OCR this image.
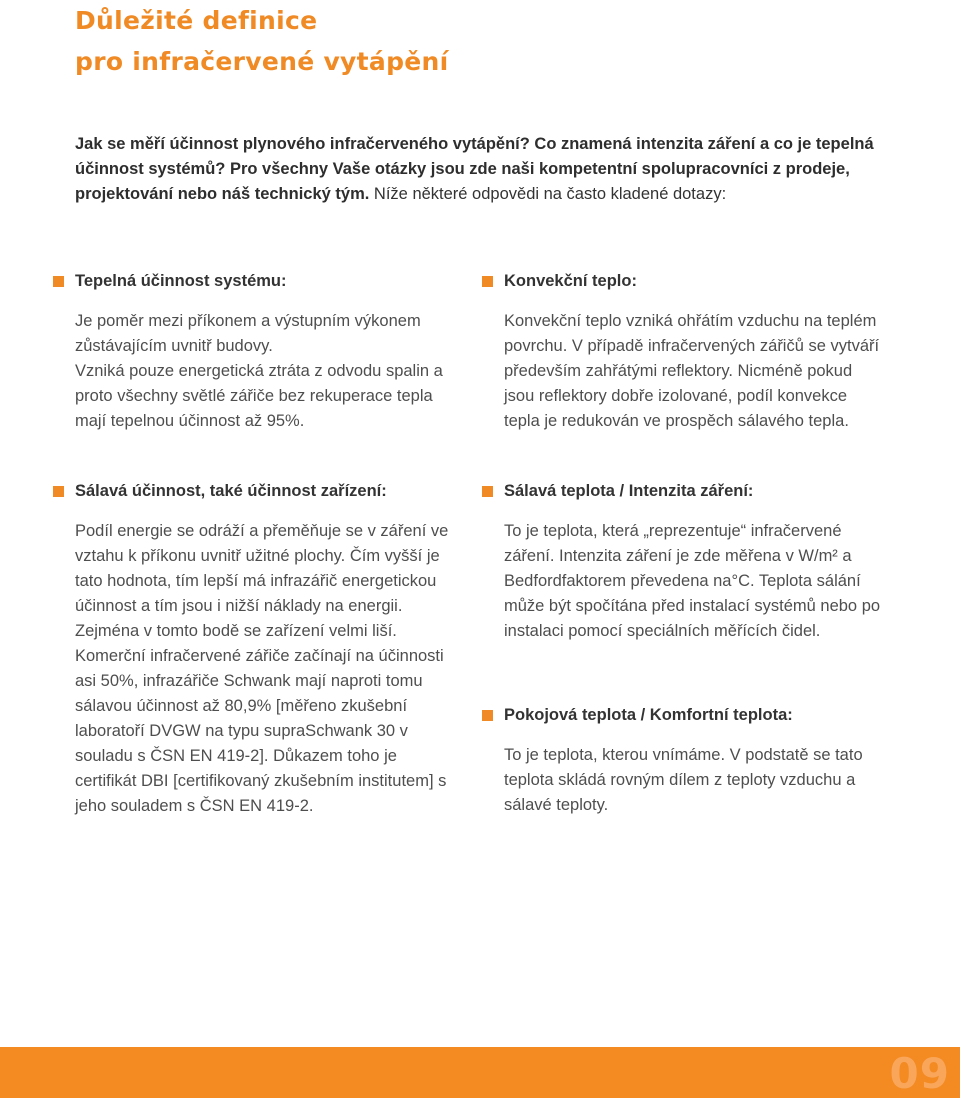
Důležité definice
pro infračervené vytápění
Jak se měří účinnost plynového infračerveného vytápění? Co znamená intenzita záření a co je tepelná účinnost systémů? Pro všechny Vaše otázky jsou zde naši kompetentní spolupracovníci z prodeje, projektování nebo náš technický tým. Níže některé odpovědi na často kladené dotazy:
Tepelná účinnost systému:

Je poměr mezi příkonem a výstupním výkonem zůstávajícím uvnitř budovy.

Vzniká pouze energetická ztráta z odvodu spalin a proto všechny světlé zářiče bez rekuperace tepla mají tepelnou účinnost až 95%.

Konvekční teplo:

Konvekční teplo vzniká ohřátím vzduchu na teplém povrchu. V případě infračervených zářičů se vytváří především zahřátými reflektory. Nicméně pokud jsou reflektory dobře izolované, podíl konvekce tepla je redukován ve prospěch sálavého tepla.

Sálavá účinnost, také účinnost zařízení:

Podíl energie se odráží a přeměňuje se v záření ve vztahu k příkonu uvnitř užitné plochy. Čím vyšší je tato hodnota, tím lepší má infrazářič energetickou účinnost a tím jsou i nižší náklady na energii. Zejména v tomto bodě se zařízení velmi liší. Komerční infračervené zářiče začínají na účinnosti asi 50%, infrazářiče Schwank mají naproti tomu sálavou účinnost až 80,9% [měřeno zkušební laboratoří DVGW na typu supraSchwank 30 v souladu s ČSN EN 419-2]. Důkazem toho je certifikát DBI [certifikovaný zkušebním institutem] s jeho souladem s ČSN EN 419-2.

Sálavá teplota / Intenzita záření:

To je teplota, která „reprezentuje“ infračervené záření. Intenzita záření je zde měřena v W/m² a Bedfordfaktorem převedena na°C. Teplota sálání může být spočítána před instalací systémů nebo po instalaci pomocí speciálních měřících čidel.

Pokojová teplota / Komfortní teplota:

To je teplota, kterou vnímáme. V podstatě se tato teplota skládá rovným dílem z teploty vzduchu a sálavé teploty.

09
